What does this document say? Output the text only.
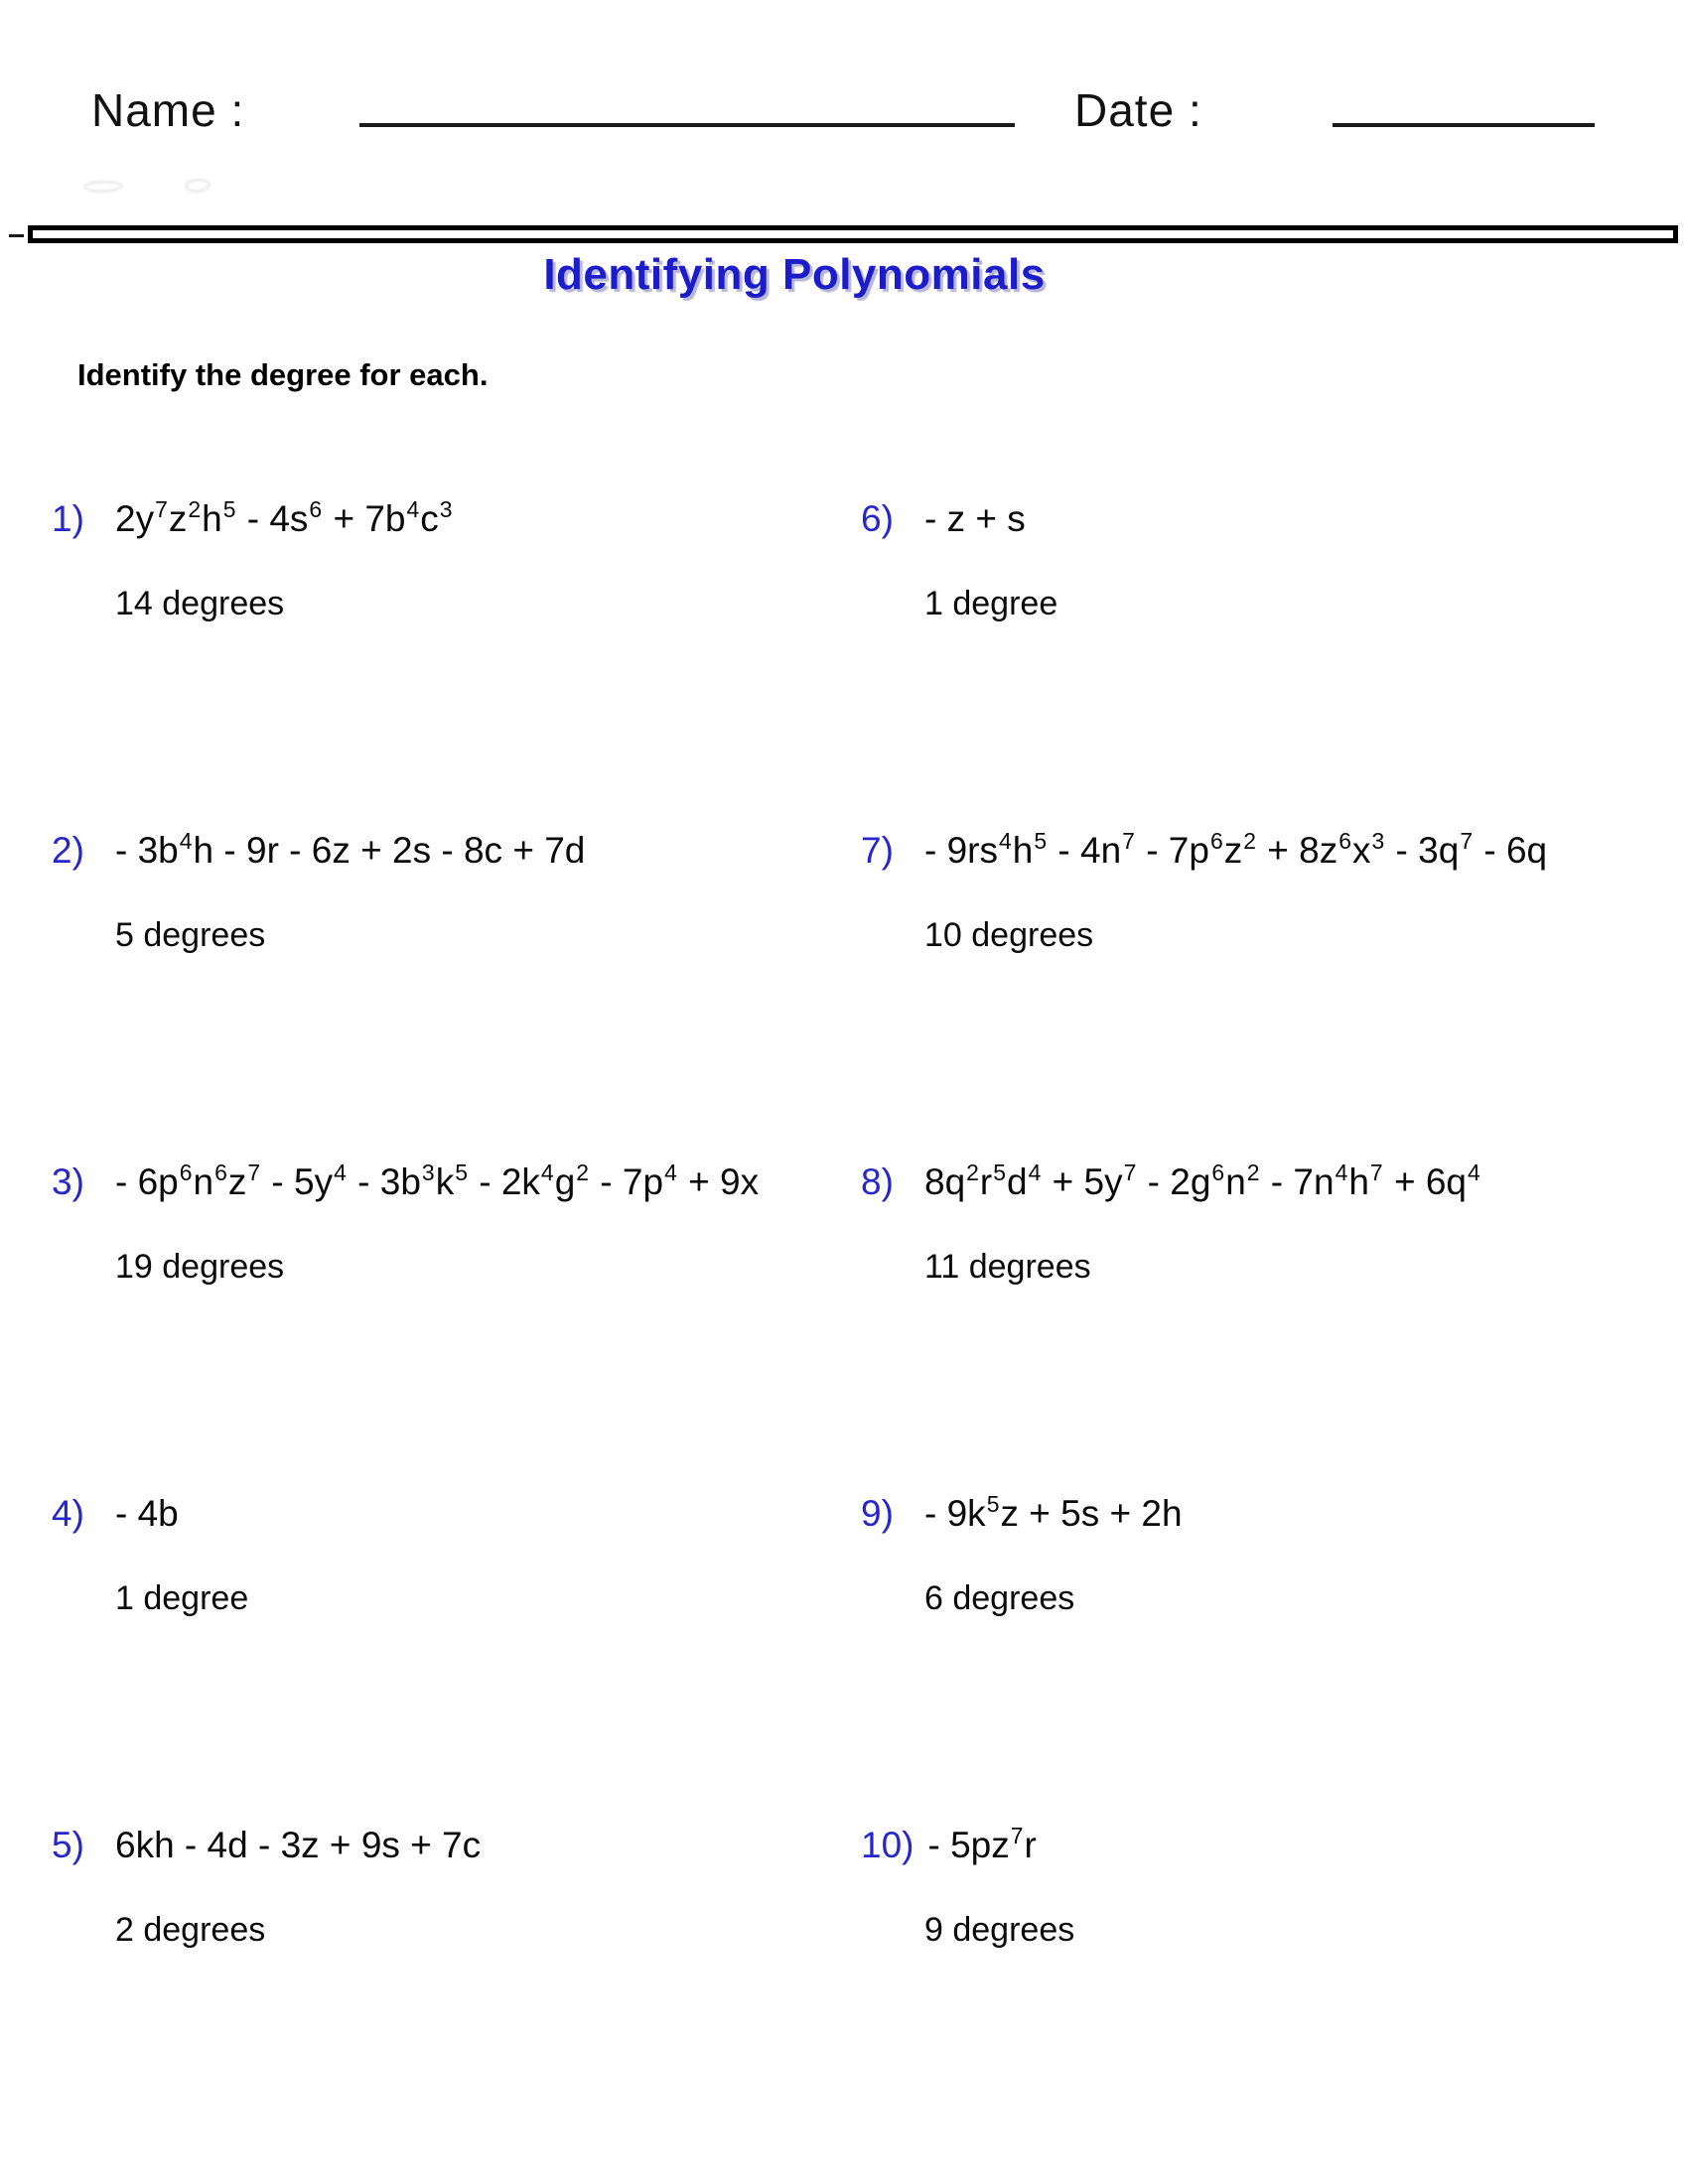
Name :	Date :
Identifying Polynomials
Identify the degree for each.
1) $2y^7z^2h^5 - 4s^6 + 7b^4c^3$
14 degrees
$2) - 3b^4h - 9r - 6z + 2s - 8c + 7d$
5 degrees
$3) - 6p^6n^6z^7 - 5y^4 - 3b^3k^5 - 2k^4g^2 - 7p^4 + 9x$
19 degrees
4) - 4b
1 degree
5) 6kh - 4d - 3z + 9s + 7c
2 degrees
6) - z + s
1 degree
$7) - 9rs^4h^5 - 4n^7 - 7p^6z^2 + 8z^6x^3 - 3q^7 - 6q$
10 degrees
8) $8q^2r^5d^4 + 5y^7 - 2g^6n^2 - 7n^4h^7 + 6q^4$
11 degrees
$9) - 9k^5z + 5s + 2h$
6 degrees
$10) - 5pz^7r$
9 degrees
